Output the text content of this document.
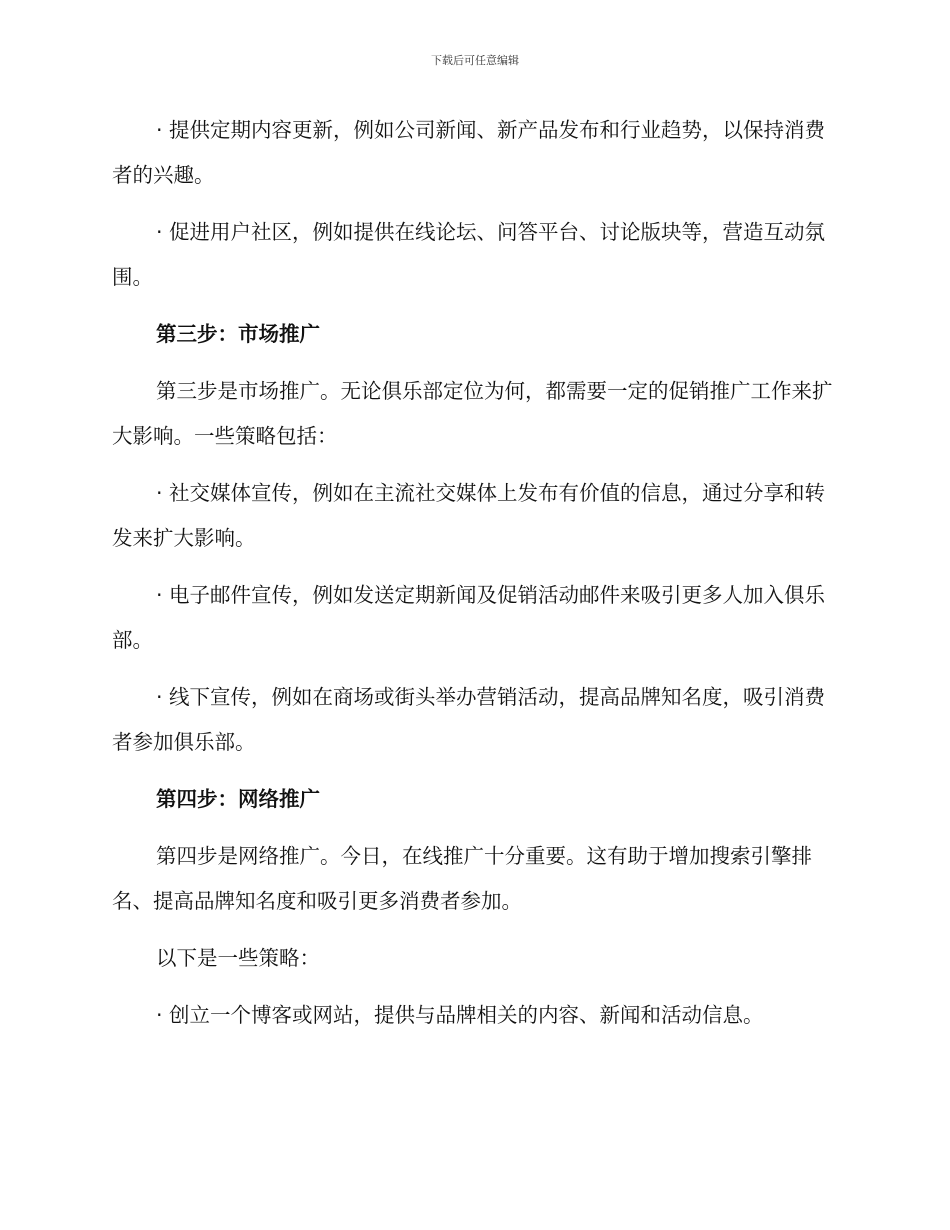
下载后可任意编辑

· 提供定期内容更新，例如公司新闻、新产品发布和行业趋势，以保持消费者的兴趣。

· 促进用户社区，例如提供在线论坛、问答平台、讨论版块等，营造互动氛围。

第三步：市场推广

第三步是市场推广。无论俱乐部定位为何，都需要一定的促销推广工作来扩大影响。一些策略包括：

· 社交媒体宣传，例如在主流社交媒体上发布有价值的信息，通过分享和转发来扩大影响。

· 电子邮件宣传，例如发送定期新闻及促销活动邮件来吸引更多人加入俱乐部。

· 线下宣传，例如在商场或街头举办营销活动，提高品牌知名度，吸引消费者参加俱乐部。

第四步：网络推广

第四步是网络推广。今日，在线推广十分重要。这有助于增加搜索引擎排名、提高品牌知名度和吸引更多消费者参加。

以下是一些策略：

· 创立一个博客或网站，提供与品牌相关的内容、新闻和活动信息。
